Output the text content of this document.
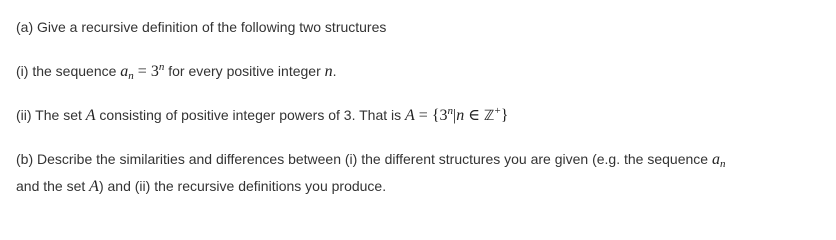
(a) Give a recursive definition of the following two structures
(i) the sequence $a_n = 3^n$ for every positive integer n.
(ii) The set A consisting of positive integer powers of 3. That is $A = \{3^n|n$ ∈ ℤ+}
(b) Describe the similarities and differences between (i) the different structures you are given (e.g. the sequence $a_n$
and the set A) and (ii) the recursive definitions you produce.
